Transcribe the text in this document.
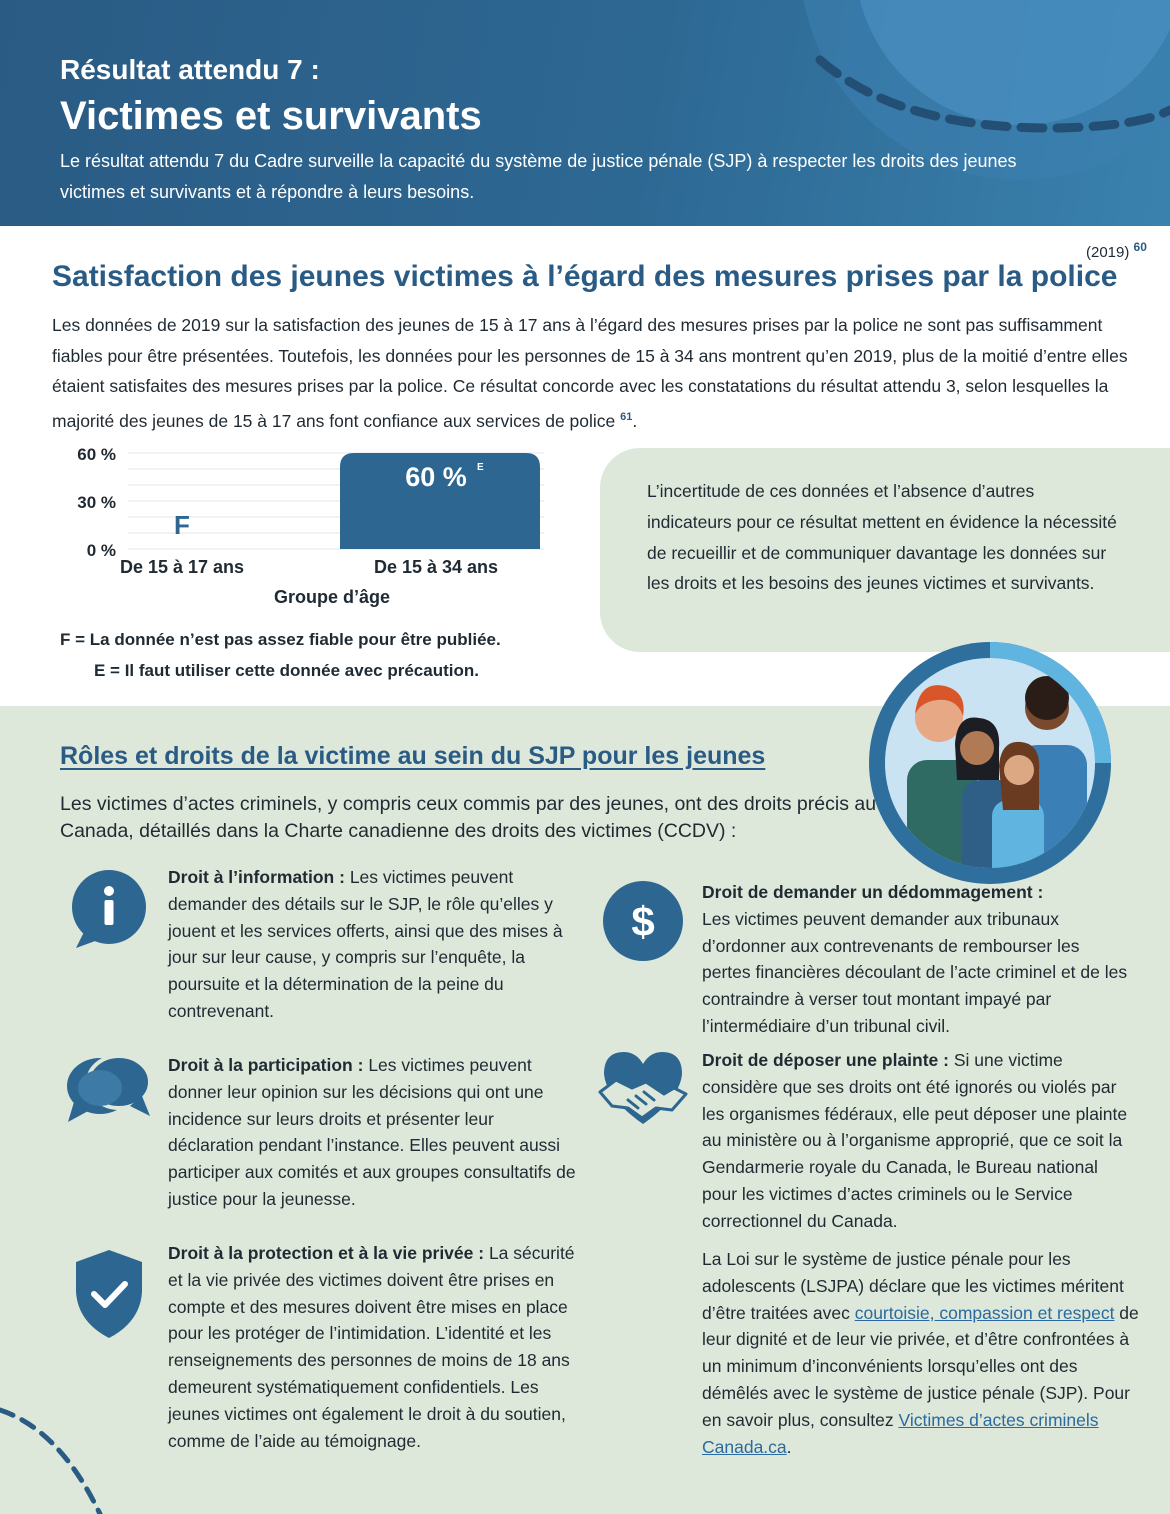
Résultat attendu 7 :
Victimes et survivants
Le résultat attendu 7 du Cadre surveille la capacité du système de justice pénale (SJP) à respecter les droits des jeunes victimes et survivants et à répondre à leurs besoins.
(2019) $^{60}$
Satisfaction des jeunes victimes à l’égard des mesures prises par la police
Les données de 2019 sur la satisfaction des jeunes de 15 à 17 ans à l’égard des mesures prises par la police ne sont pas suffisamment fiables pour être présentées. Toutefois, les données pour les personnes de 15 à 34 ans montrent qu’en 2019, plus de la moitié d’entre elles étaient satisfaites des mesures prises par la police. Ce résultat concorde avec les constatations du résultat attendu 3, selon lesquelles la majorité des jeunes de 15 à 17 ans font confiance aux services de police $^{61}$.
60 %
30 %
0 %
F
De 15 à 17 ans
60 % E
De 15 à 34 ans
Groupe d’âge
F = La donnée n’est pas assez fiable pour être publiée.
E = Il faut utiliser cette donnée avec précaution.

L’incertitude de ces données et l’absence d’autres indicateurs pour ce résultat mettent en évidence la nécessité de recueillir et de communiquer davantage les données sur les droits et les besoins des jeunes victimes et survivants.

Rôles et droits de la victime au sein du SJP pour les jeunes
Les victimes d’actes criminels, y compris ceux commis par des jeunes, ont des droits précis au Canada, détaillés dans la Charte canadienne des droits des victimes (CCDV) :
Droit à l’information : Les victimes peuvent demander des détails sur le SJP, le rôle qu’elles y jouent et les services offerts, ainsi que des mises à jour sur leur cause, y compris sur l’enquête, la poursuite et la détermination de la peine du contrevenant.
Droit à la participation : Les victimes peuvent donner leur opinion sur les décisions qui ont une incidence sur leurs droits et présenter leur déclaration pendant l’instance. Elles peuvent aussi participer aux comités et aux groupes consultatifs de justice pour la jeunesse.
Droit à la protection et à la vie privée : La sécurité et la vie privée des victimes doivent être prises en compte et des mesures doivent être mises en place pour les protéger de l’intimidation. L’identité et les renseignements des personnes de moins de 18 ans demeurent systématiquement confidentiels. Les jeunes victimes ont également le droit à du soutien, comme de l’aide au témoignage.
$
Droit de demander un dédommagement :
Les victimes peuvent demander aux tribunaux d’ordonner aux contrevenants de rembourser les pertes financières découlant de l’acte criminel et de les contraindre à verser tout montant impayé par l’intermédiaire d’un tribunal civil.
Droit de déposer une plainte : Si une victime considère que ses droits ont été ignorés ou violés par les organismes fédéraux, elle peut déposer une plainte au ministère ou à l’organisme approprié, que ce soit la Gendarmerie royale du Canada, le Bureau national pour les victimes d’actes criminels ou le Service correctionnel du Canada.
La Loi sur le système de justice pénale pour les adolescents (LSJPA) déclare que les victimes méritent d’être traitées avec courtoisie, compassion et respect de leur dignité et de leur vie privée, et d’être confrontées à un minimum d’inconvénients lorsqu’elles ont des démêlés avec le système de justice pénale (SJP). Pour en savoir plus, consultez Victimes d’actes criminels Canada.ca.
